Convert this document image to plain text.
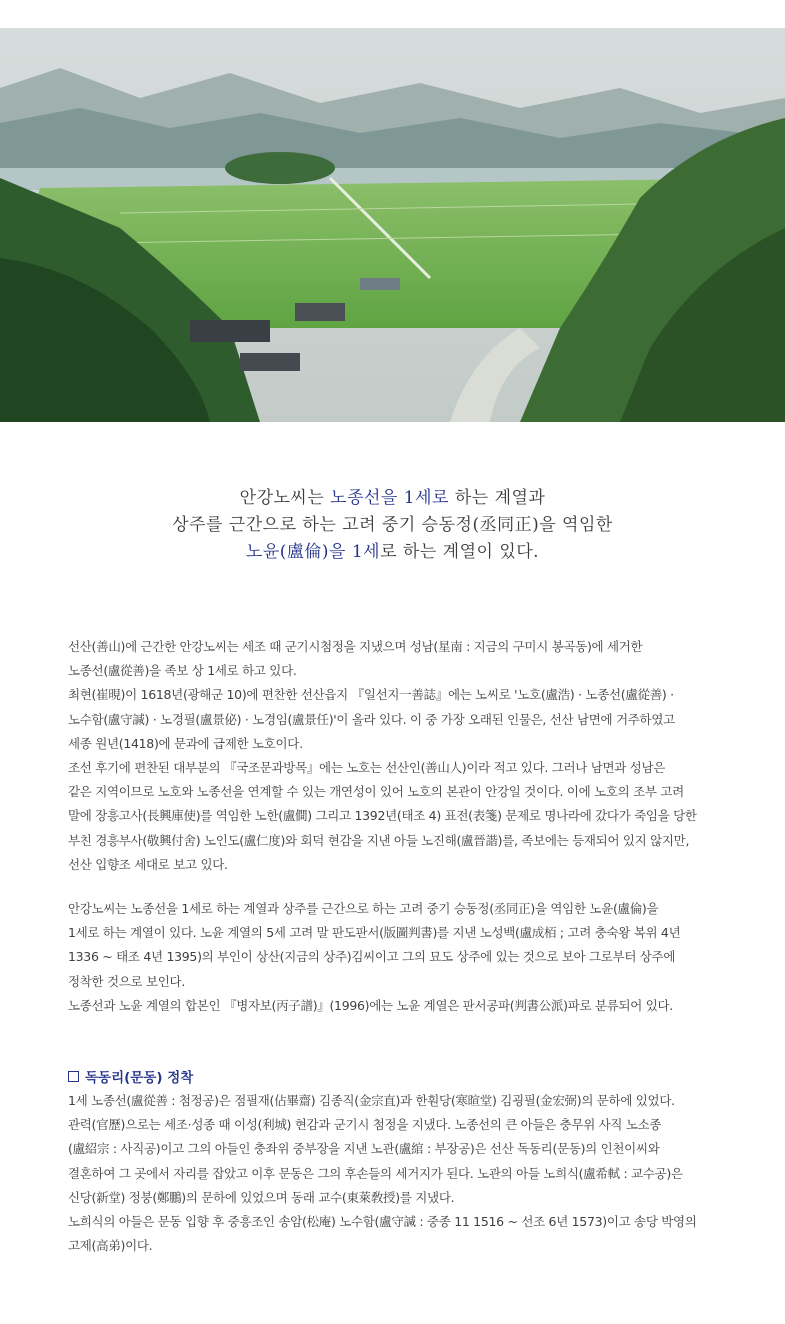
안강노씨는 노종선을 1세로 하는 계열과
상주를 근간으로 하는 고려 중기 승동정(丞同正)을 역임한
노윤(盧倫)을 1세로 하는 계열이 있다.

선산(善山)에 근간한 안강노씨는 세조 때 군기시첨정을 지냈으며 성남(星南 : 지금의 구미시 봉곡동)에 세거한

노종선(盧從善)을 족보 상 1세로 하고 있다.

최현(崔晛)이 1618년(광해군 10)에 편찬한 선산읍지 『일선지一善誌』에는 노씨로 '노호(盧浩) · 노종선(盧從善) ·

노수함(盧守諴) · 노경필(盧景佖) · 노경임(盧景任)'이 올라 있다. 이 중 가장 오래된 인물은, 선산 남면에 거주하였고

세종 원년(1418)에 문과에 급제한 노호이다.

조선 후기에 편찬된 대부분의 『국조문과방목』에는 노호는 선산인(善山人)이라 적고 있다. 그러나 남면과 성남은

같은 지역이므로 노호와 노종선을 연계할 수 있는 개연성이 있어 노호의 본관이 안강일 것이다. 이에 노호의 조부 고려

말에 장흥고사(長興庫使)를 역임한 노한(盧僴) 그리고 1392년(태조 4) 표전(表箋) 문제로 명나라에 갔다가 죽임을 당한

부친 경흥부사(敬興付舍) 노인도(盧仁度)와 회덕 현감을 지낸 아들 노진해(盧晉諧)를, 족보에는 등재되어 있지 않지만,

선산 입향조 세대로 보고 있다.

안강노씨는 노종선을 1세로 하는 계열과 상주를 근간으로 하는 고려 중기 승동정(丞同正)을 역임한 노윤(盧倫)을

1세로 하는 계열이 있다. 노윤 계열의 5세 고려 말 판도판서(版圖判書)를 지낸 노성백(盧成栢 ; 고려 충숙왕 복위 4년

1336 ~ 태조 4년 1395)의 부인이 상산(지금의 상주)김씨이고 그의 묘도 상주에 있는 것으로 보아 그로부터 상주에

정착한 것으로 보인다.

노종선과 노윤 계열의 합본인 『병자보(丙子譜)』(1996)에는 노윤 계열은 판서공파(判書公派)파로 분류되어 있다.

독동리(문동) 정착

1세 노종선(盧從善 : 첨정공)은 점필재(佔畢齋) 김종직(金宗直)과 한훤당(寒暄堂) 김굉필(金宏弼)의 문하에 있었다.

관력(官歷)으로는 세조·성종 때 이성(利城) 현감과 군기시 첨정을 지냈다. 노종선의 큰 아들은 충무위 사직 노소종

(盧紹宗 : 사직공)이고 그의 아들인 충좌위 중부장을 지낸 노관(盧綰 : 부장공)은 선산 독동리(문동)의 인천이씨와

결혼하여 그 곳에서 자리를 잡았고 이후 문동은 그의 후손들의 세거지가 된다. 노관의 아들 노희식(盧希軾 : 교수공)은

신당(新堂) 정붕(鄭鵬)의 문하에 있었으며 동래 교수(東萊敎授)를 지냈다.

노희식의 아들은 문동 입향 후 중흥조인 송암(松庵) 노수함(盧守諴 : 중종 11 1516 ~ 선조 6년 1573)이고 송당 박영의

고제(高弟)이다.
